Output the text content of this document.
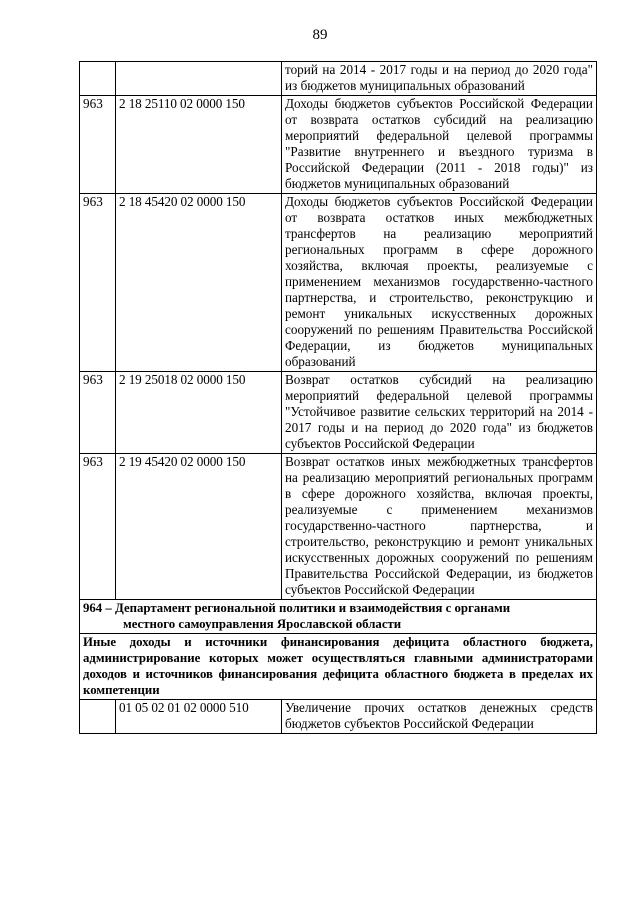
89
		торий на 2014 - 2017 годы и на период до 2020 года" из бюджетов муниципальных образований
963	2 18 25110 02 0000 150	Доходы бюджетов субъектов Российской Федерации от возврата остатков субсидий на реализацию мероприятий федеральной целевой программы "Развитие внутреннего и въездного туризма в Российской Федерации (2011 - 2018 годы)" из бюджетов муниципальных образований
963	2 18 45420 02 0000 150	Доходы бюджетов субъектов Российской Федерации от возврата остатков иных межбюджетных трансфертов на реализацию мероприятий региональных программ в сфере дорожного хозяйства, включая проекты, реализуемые с применением механизмов государственно-частного партнерства, и строительство, реконструкцию и ремонт уникальных искусственных дорожных сооружений по решениям Правительства Российской Федерации, из бюджетов муниципальных образований
963	2 19 25018 02 0000 150	Возврат остатков субсидий на реализацию мероприятий федеральной целевой программы "Устойчивое развитие сельских территорий на 2014 - 2017 годы и на период до 2020 года" из бюджетов субъектов Российской Федерации
963	2 19 45420 02 0000 150	Возврат остатков иных межбюджетных трансфертов на реализацию мероприятий региональных программ в сфере дорожного хозяйства, включая проекты, реализуемые с применением механизмов государственно-частного партнерства, и строительство, реконструкцию и ремонт уникальных искусственных дорожных сооружений по решениям Правительства Российской Федерации, из бюджетов субъектов Российской Федерации
964 – Департамент региональной политики и взаимодействия с органами
местного самоуправления Ярославской области		

Иные доходы и источники финансирования дефицита областного бюджета, администрирование которых может осуществляться главными администраторами доходов и источников финансирования дефицита областного бюджета в пределах их компетенции		
	01 05 02 01 02 0000 510	Увеличение прочих остатков денежных средств бюджетов субъектов Российской Федерации
